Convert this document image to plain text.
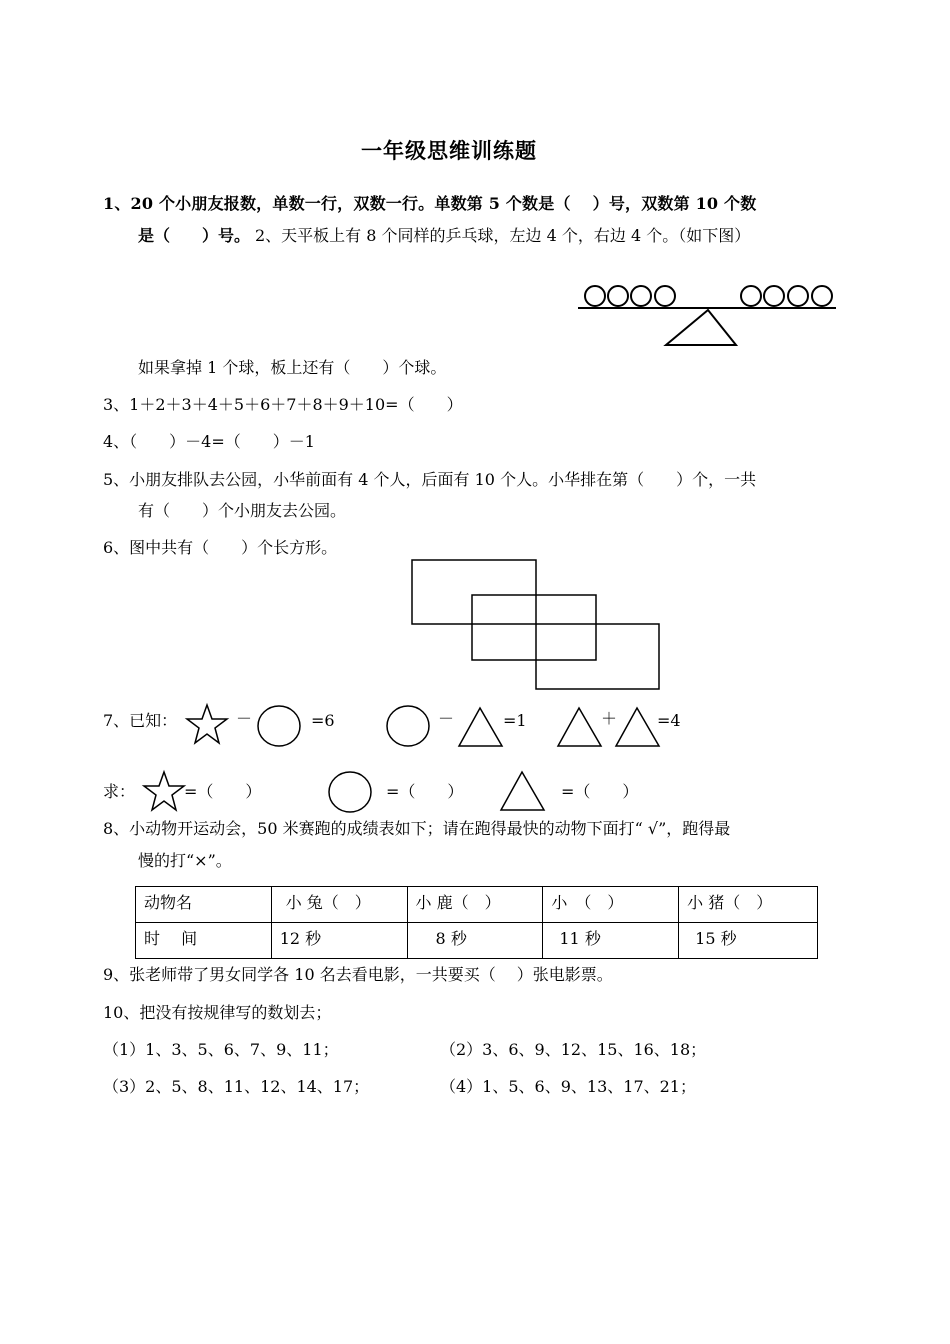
一年级思维训练题
1、20 个小朋友报数，单数一行，双数一行。单数第 5 个数是（　 ）号，双数第 10 个数
是（　　）号。 2、天平板上有 8 个同样的乒乓球，左边 4 个，右边 4 个。（如下图）
如果拿掉 1 个球，板上还有（　　）个球。
3、1＋2＋3＋4＋5＋6＋7＋8＋9＋10=（　　）
4、（　　）－4=（　　）－1
5、小朋友排队去公园，小华前面有 4 个人，后面有 10 个人。小华排在第（　　）个，一共
有（　　）个小朋友去公园。
6、图中共有（　　）个长方形。
7、已知：	－	=6	－	=1	＋ =4
求：	=（　　）	=（　　）	=（　　）
8、小动物开运动会，50 米赛跑的成绩表如下；请在跑得最快的动物下面打“ √”，跑得最
慢的打“×”。
动物名	小 兔（　）	小 鹿（　）	小　（　）	小 猪（　）
时　 间	12 秒	8 秒	11 秒	15 秒
9、张老师带了男女同学各 10 名去看电影，一共要买（　 ）张电影票。
10、把没有按规律写的数划去；
（1）1、3、5、6、7、9、11；	（2）3、6、9、12、15、16、18；
（3）2、5、8、11、12、14、17；	（4）1、5、6、9、13、17、21；
